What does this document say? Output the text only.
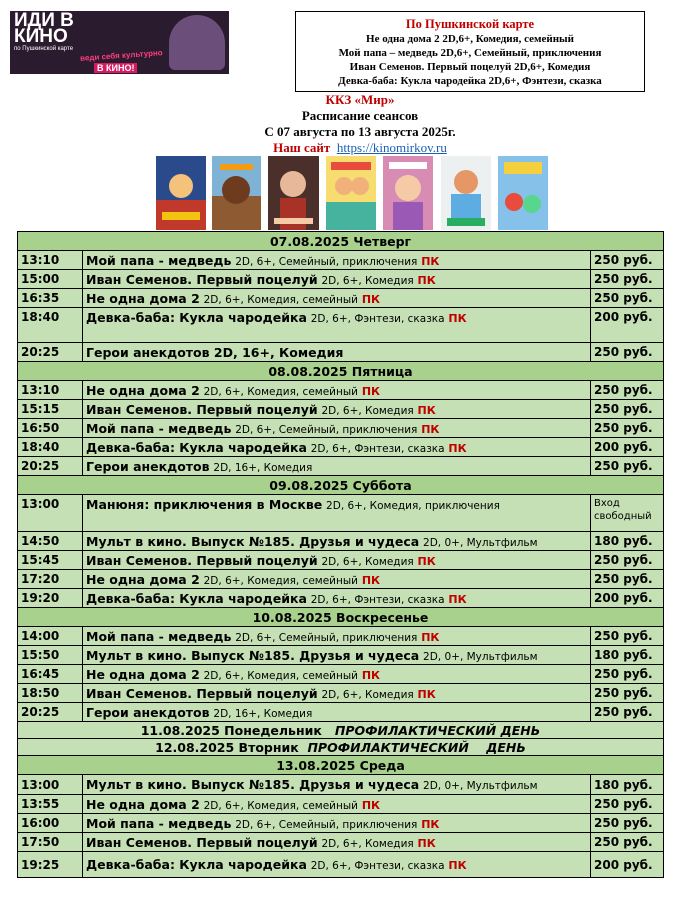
ИДИ В
КИНО
по Пушкинской карте веди себя культурно
В КИНО!
По Пушкинской карте
Не одна дома 2 2D,6+, Комедия, семейный
Мой папа – медведь 2D,6+, Семейный, приключения
Иван Семенов. Первый поцелуй 2D,6+, Комедия
Девка-баба: Кукла чародейка 2D,6+, Фэнтези, сказка
ККЗ «Мир»
Расписание сеансов
С 07 августа по 13 августа 2025г.
Наш сайт https://kinomirkov.ru
07.08.2025 Четверг		
13:10	Мой папа - медведь 2D, 6+, Семейный, приключения ПК	250 руб.
15:00	Иван Семенов. Первый поцелуй 2D, 6+, Комедия ПК	250 руб.
16:35	Не одна дома 2 2D, 6+, Комедия, семейный ПК	250 руб.
18:40	Девка-баба: Кукла чародейка 2D, 6+, Фэнтези, сказка ПК	200 руб.
20:25	Герои анекдотов 2D, 16+, Комедия	250 руб.
08.08.2025 Пятница		
13:10	Не одна дома 2 2D, 6+, Комедия, семейный ПК	250 руб.
15:15	Иван Семенов. Первый поцелуй 2D, 6+, Комедия ПК	250 руб.
16:50	Мой папа - медведь 2D, 6+, Семейный, приключения ПК	250 руб.
18:40	Девка-баба: Кукла чародейка 2D, 6+, Фэнтези, сказка ПК	200 руб.
20:25	Герои анекдотов 2D, 16+, Комедия	250 руб.
09.08.2025 Суббота		
13:00	Манюня: приключения в Москве 2D, 6+, Комедия, приключения	Вход свободный

14:50	Мульт в кино. Выпуск №185. Друзья и чудеса 2D, 0+, Мультфильм	180 руб.
15:45	Иван Семенов. Первый поцелуй 2D, 6+, Комедия ПК	250 руб.
17:20	Не одна дома 2 2D, 6+, Комедия, семейный ПК	250 руб.
19:20	Девка-баба: Кукла чародейка 2D, 6+, Фэнтези, сказка ПК	200 руб.
10.08.2025 Воскресенье		
14:00	Мой папа - медведь 2D, 6+, Семейный, приключения ПК	250 руб.
15:50	Мульт в кино. Выпуск №185. Друзья и чудеса 2D, 0+, Мультфильм	180 руб.
16:45	Не одна дома 2 2D, 6+, Комедия, семейный ПК	250 руб.
18:50	Иван Семенов. Первый поцелуй 2D, 6+, Комедия ПК	250 руб.
20:25	Герои анекдотов 2D, 16+, Комедия	250 руб.
11.08.2025 Понедельник ПРОФИЛАКТИЧЕСКИЙ ДЕНЬ		
12.08.2025 Вторник ПРОФИЛАКТИЧЕСКИЙ    ДЕНЬ		
13.08.2025 Среда		
13:00	Мульт в кино. Выпуск №185. Друзья и чудеса 2D, 0+, Мультфильм	180 руб.
13:55	Не одна дома 2 2D, 6+, Комедия, семейный ПК	250 руб.
16:00	Мой папа - медведь 2D, 6+, Семейный, приключения ПК	250 руб.
17:50	Иван Семенов. Первый поцелуй 2D, 6+, Комедия ПК	250 руб.
19:25	Девка-баба: Кукла чародейка 2D, 6+, Фэнтези, сказка ПК	200 руб.
